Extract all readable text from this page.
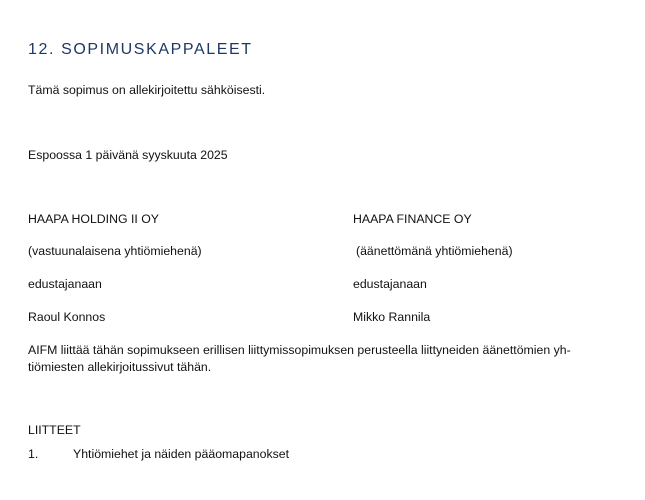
12. SOPIMUSKAPPALEET
Tämä sopimus on allekirjoitettu sähköisesti.
Espoossa 1 päivänä syyskuuta 2025
HAAPA HOLDING II OY
(vastuunalaisena yhtiömiehenä)
edustajanaan
Raoul Konnos
HAAPA FINANCE OY
(äänettömänä yhtiömiehenä)
edustajanaan
Mikko Rannila
AIFM liittää tähän sopimukseen erillisen liittymissopimuksen perusteella liittyneiden äänettömien yh-
tiömiesten allekirjoitussivut tähän.
LIITTEET
1.	Yhtiömiehet ja näiden pääomapanokset
